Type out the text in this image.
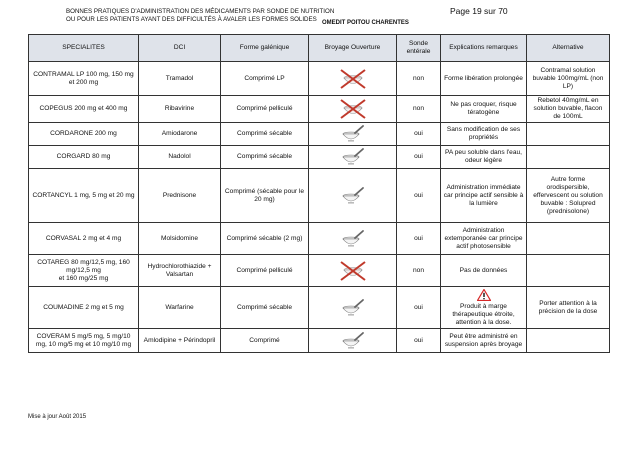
BONNES PRATIQUES D'ADMINISTRATION DES MÉDICAMENTS PAR SONDE DE NUTRITION
OU POUR LES PATIENTS AYANT DES DIFFICULTÉS À AVALER LES FORMES SOLIDES
Page 19 sur 70
OMEDIT POITOU CHARENTES
SPECIALITES	DCI	Forme galénique	Broyage Ouverture	Sonde entérale	Explications remarques	Alternative
CONTRAMAL LP 100 mg, 150 mg
et 200 mg	Tramadol	Comprimé LP		non	Forme libération prolongée	Contramal solution buvable 100mg/mL (non LP)
COPEGUS 200 mg et 400 mg	Ribavirine	Comprimé pelliculé		non	Ne pas croquer, risque tératogène	Rebetol 40mg/mL en solution buvable, flacon de 100mL
CORDARONE 200 mg	Amiodarone	Comprimé sécable		oui	Sans modification de ses propriétés	
CORGARD 80 mg	Nadolol	Comprimé sécable		oui	PA peu soluble dans l'eau, odeur légère	
CORTANCYL 1 mg, 5 mg et 20 mg	Prednisone	Comprimé (sécable pour le 20 mg)		oui	Administration immédiate car principe actif sensible à la lumière	Autre forme orodispersible, effervescent ou solution buvable : Solupred (prednisolone)
CORVASAL 2 mg et 4 mg	Molsidomine	Comprimé sécable (2 mg)		oui	Administration extemporanée car principe actif photosensible	
COTAREG 80 mg/12,5 mg, 160 mg/12,5 mg
et 160 mg/25 mg	Hydrochlorothiazide + Valsartan	Comprimé pelliculé		non	Pas de données	
COUMADINE 2 mg et 5 mg	Warfarine	Comprimé sécable		oui	Produit à marge thérapeutique étroite, attention à la dose.	Porter attention à la précision de la dose
COVERAM 5 mg/5 mg, 5 mg/10 mg, 10 mg/5 mg et 10 mg/10 mg	Amlodipine + Périndopril	Comprimé		oui	Peut être administré en suspension après broyage	
Mise à jour Août 2015
